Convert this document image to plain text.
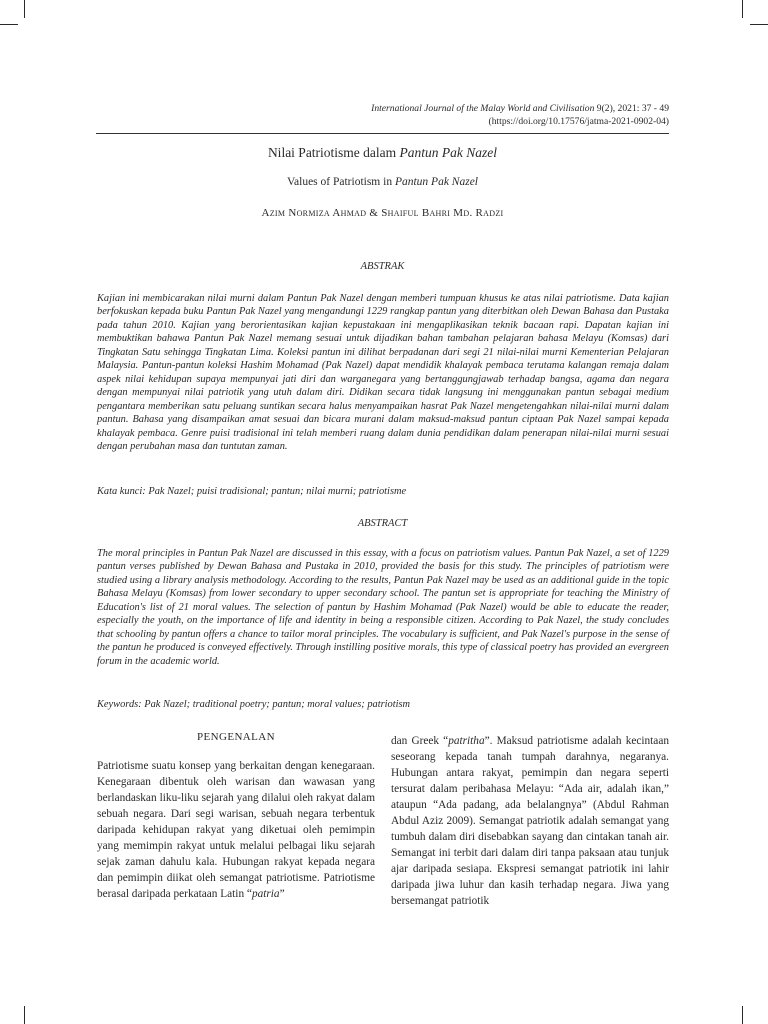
International Journal of the Malay World and Civilisation 9(2), 2021: 37 - 49
(https://doi.org/10.17576/jatma-2021-0902-04)
Nilai Patriotisme dalam Pantun Pak Nazel
Values of Patriotism in Pantun Pak Nazel
Azim Normiza Ahmad & Shaiful Bahri Md. Radzi
ABSTRAK
Kajian ini membicarakan nilai murni dalam Pantun Pak Nazel dengan memberi tumpuan khusus ke atas nilai patriotisme. Data kajian berfokuskan kepada buku Pantun Pak Nazel yang mengandungi 1229 rangkap pantun yang diterbitkan oleh Dewan Bahasa dan Pustaka pada tahun 2010. Kajian yang berorientasikan kajian kepustakaan ini mengaplikasikan teknik bacaan rapi. Dapatan kajian ini membuktikan bahawa Pantun Pak Nazel memang sesuai untuk dijadikan bahan tambahan pelajaran bahasa Melayu (Komsas) dari Tingkatan Satu sehingga Tingkatan Lima. Koleksi pantun ini dilihat berpadanan dari segi 21 nilai-nilai murni Kementerian Pelajaran Malaysia. Pantun-pantun koleksi Hashim Mohamad (Pak Nazel) dapat mendidik khalayak pembaca terutama kalangan remaja dalam aspek nilai kehidupan supaya mempunyai jati diri dan warganegara yang bertanggungjawab terhadap bangsa, agama dan negara dengan mempunyai nilai patriotik yang utuh dalam diri. Didikan secara tidak langsung ini menggunakan pantun sebagai medium pengantara memberikan satu peluang suntikan secara halus menyampaikan hasrat Pak Nazel mengetengahkan nilai-nilai murni dalam pantun. Bahasa yang disampaikan amat sesuai dan bicara murani dalam maksud-maksud pantun ciptaan Pak Nazel sampai kepada khalayak pembaca. Genre puisi tradisional ini telah memberi ruang dalam dunia pendidikan dalam penerapan nilai-nilai murni sesuai dengan perubahan masa dan tuntutan zaman.
Kata kunci: Pak Nazel; puisi tradisional; pantun; nilai murni; patriotisme
ABSTRACT
The moral principles in Pantun Pak Nazel are discussed in this essay, with a focus on patriotism values. Pantun Pak Nazel, a set of 1229 pantun verses published by Dewan Bahasa and Pustaka in 2010, provided the basis for this study. The principles of patriotism were studied using a library analysis methodology. According to the results, Pantun Pak Nazel may be used as an additional guide in the topic Bahasa Melayu (Komsas) from lower secondary to upper secondary school. The pantun set is appropriate for teaching the Ministry of Education's list of 21 moral values. The selection of pantun by Hashim Mohamad (Pak Nazel) would be able to educate the reader, especially the youth, on the importance of life and identity in being a responsible citizen. According to Pak Nazel, the study concludes that schooling by pantun offers a chance to tailor moral principles. The vocabulary is sufficient, and Pak Nazel's purpose in the sense of the pantun he produced is conveyed effectively. Through instilling positive morals, this type of classical poetry has provided an evergreen forum in the academic world.
Keywords: Pak Nazel; traditional poetry; pantun; moral values; patriotism
PENGENALAN
Patriotisme suatu konsep yang berkaitan dengan kenegaraan. Kenegaraan dibentuk oleh warisan dan wawasan yang berlandaskan liku-liku sejarah yang dilalui oleh rakyat dalam sebuah negara. Dari segi warisan, sebuah negara terbentuk daripada kehidupan rakyat yang diketuai oleh pemimpin yang memimpin rakyat untuk melalui pelbagai liku sejarah sejak zaman dahulu kala. Hubungan rakyat kepada negara dan pemimpin diikat oleh semangat patriotisme. Patriotisme berasal daripada perkataan Latin “patria”
dan Greek “patritha”. Maksud patriotisme adalah kecintaan seseorang kepada tanah tumpah darahnya, negaranya. Hubungan antara rakyat, pemimpin dan negara seperti tersurat dalam peribahasa Melayu: “Ada air, adalah ikan,” ataupun “Ada padang, ada belalangnya” (Abdul Rahman Abdul Aziz 2009). Semangat patriotik adalah semangat yang tumbuh dalam diri disebabkan sayang dan cintakan tanah air. Semangat ini terbit dari dalam diri tanpa paksaan atau tunjuk ajar daripada sesiapa. Ekspresi semangat patriotik ini lahir daripada jiwa luhur dan kasih terhadap negara. Jiwa yang bersemangat patriotik
